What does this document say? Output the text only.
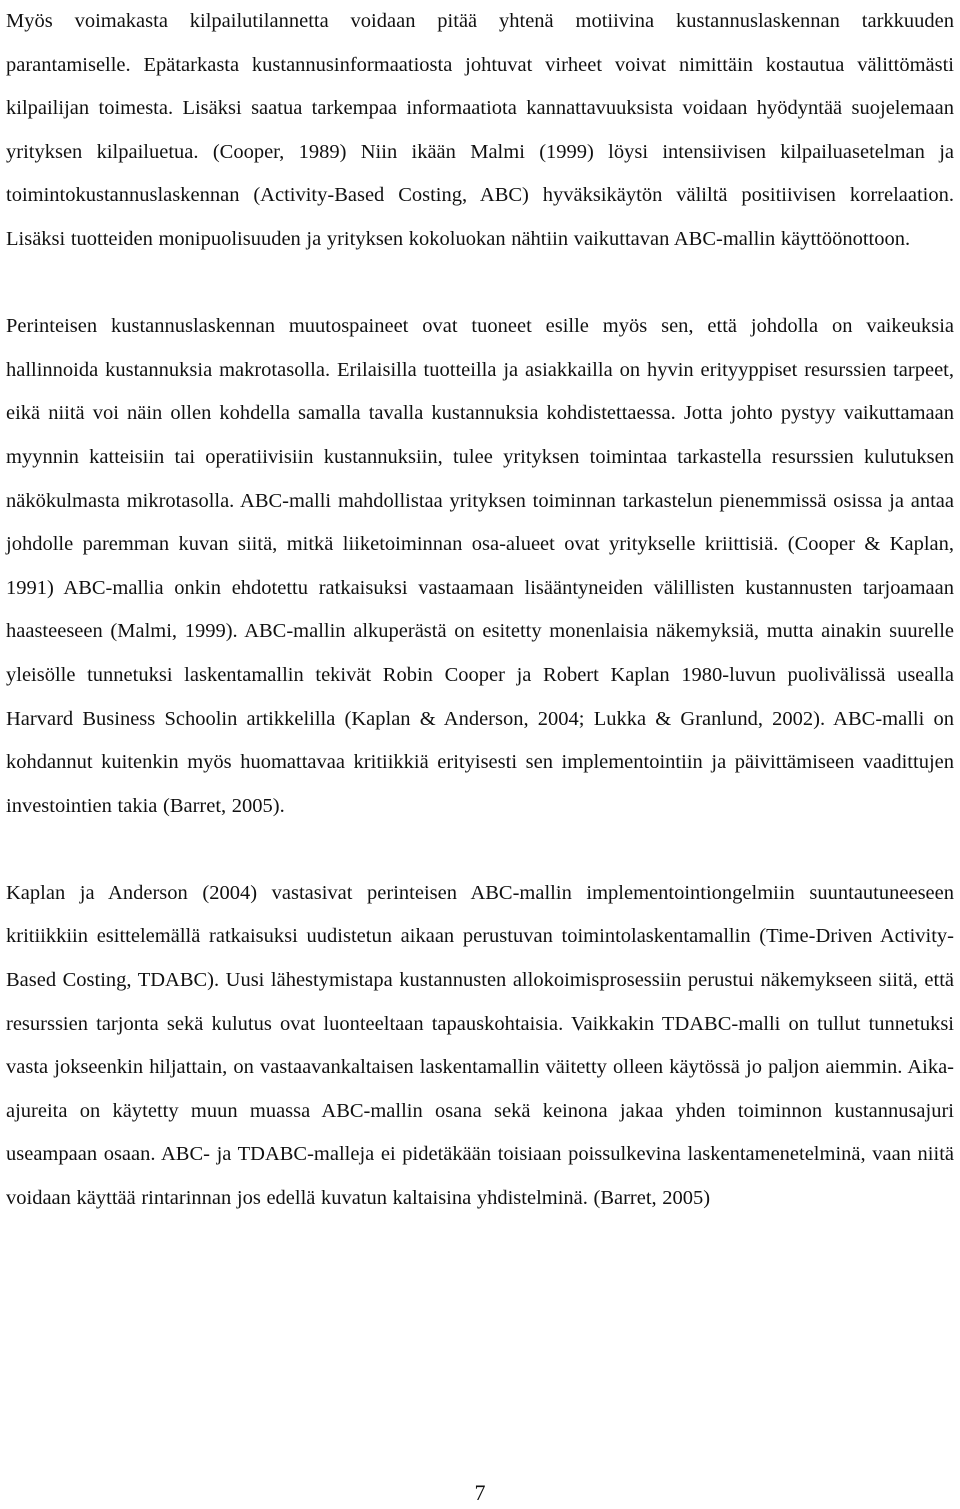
Myös voimakasta kilpailutilannetta voidaan pitää yhtenä motiivina kustannuslaskennan tarkkuuden parantamiselle. Epätarkasta kustannusinformaatiosta johtuvat virheet voivat nimittäin kostautua välittömästi kilpailijan toimesta. Lisäksi saatua tarkempaa informaatiota kannattavuuksista voidaan hyödyntää suojelemaan yrityksen kilpailuetua. (Cooper, 1989) Niin ikään Malmi (1999) löysi intensiivisen kilpailuasetelman ja toimintokustannuslaskennan (Activity-Based Costing, ABC) hyväksikäytön väliltä positiivisen korrelaation. Lisäksi tuotteiden monipuolisuuden ja yrityksen kokoluokan nähtiin vaikuttavan ABC-mallin käyttöönottoon.

Perinteisen kustannuslaskennan muutospaineet ovat tuoneet esille myös sen, että johdolla on vaikeuksia hallinnoida kustannuksia makrotasolla. Erilaisilla tuotteilla ja asiakkailla on hyvin erityyppiset resurssien tarpeet, eikä niitä voi näin ollen kohdella samalla tavalla kustannuksia kohdistettaessa. Jotta johto pystyy vaikuttamaan myynnin katteisiin tai operatiivisiin kustannuksiin, tulee yrityksen toimintaa tarkastella resurssien kulutuksen näkökulmasta mikrotasolla. ABC-malli mahdollistaa yrityksen toiminnan tarkastelun pienemmissä osissa ja antaa johdolle paremman kuvan siitä, mitkä liiketoiminnan osa-alueet ovat yritykselle kriittisiä. (Cooper & Kaplan, 1991) ABC-mallia onkin ehdotettu ratkaisuksi vastaamaan lisääntyneiden välillisten kustannusten tarjoamaan haasteeseen (Malmi, 1999). ABC-mallin alkuperästä on esitetty monenlaisia näkemyksiä, mutta ainakin suurelle yleisölle tunnetuksi laskentamallin tekivät Robin Cooper ja Robert Kaplan 1980-luvun puolivälissä usealla Harvard Business Schoolin artikkelilla (Kaplan & Anderson, 2004; Lukka & Granlund, 2002). ABC-malli on kohdannut kuitenkin myös huomattavaa kritiikkiä erityisesti sen implementointiin ja päivittämiseen vaadittujen investointien takia (Barret, 2005).

Kaplan ja Anderson (2004) vastasivat perinteisen ABC-mallin implementointiongelmiin suuntautuneeseen kritiikkiin esittelemällä ratkaisuksi uudistetun aikaan perustuvan toimintolaskentamallin (Time-Driven Activity-Based Costing, TDABC). Uusi lähestymistapa kustannusten allokoimisprosessiin perustui näkemykseen siitä, että resurssien tarjonta sekä kulutus ovat luonteeltaan tapauskohtaisia. Vaikkakin TDABC-malli on tullut tunnetuksi vasta jokseenkin hiljattain, on vastaavankaltaisen laskentamallin väitetty olleen käytössä jo paljon aiemmin. Aika-ajureita on käytetty muun muassa ABC-mallin osana sekä keinona jakaa yhden toiminnon kustannusajuri useampaan osaan. ABC- ja TDABC-malleja ei pidetäkään toisiaan poissulkevina laskentamenetelminä, vaan niitä voidaan käyttää rintarinnan jos edellä kuvatun kaltaisina yhdistelminä. (Barret, 2005)

7
